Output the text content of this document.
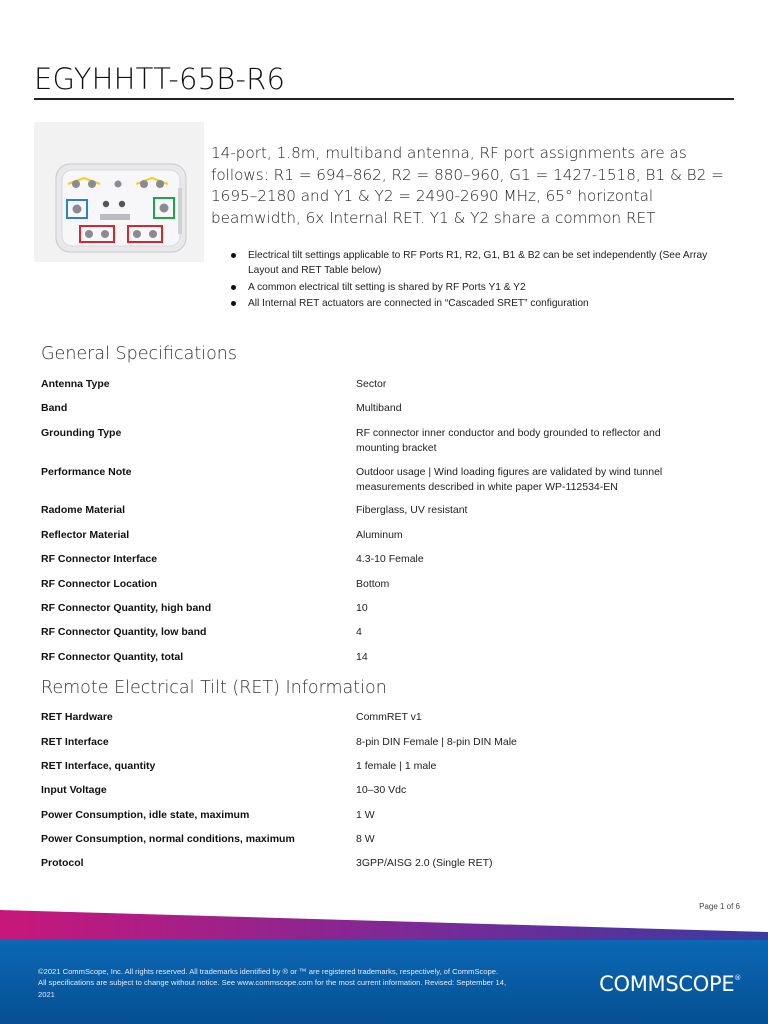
EGYHHTT-65B-R6
14-port, 1.8m, multiband antenna, RF port assignments are as follows: R1 = 694–862, R2 = 880–960, G1 = 1427-1518, B1 & B2 = 1695–2180 and Y1 & Y2 = 2490-2690 MHz, 65° horizontal beamwidth, 6x Internal RET. Y1 & Y2 share a common RET
Electrical tilt settings applicable to RF Ports R1, R2, G1, B1 & B2 can be set independently (See Array Layout and RET Table below)
A common electrical tilt setting is shared by RF Ports Y1 & Y2
All Internal RET actuators are connected in “Cascaded SRET” configuration
General Specifications
Antenna Type	Sector
Band	Multiband
Grounding Type	RF connector inner conductor and body grounded to reflector and mounting bracket
Performance Note	Outdoor usage | Wind loading figures are validated by wind tunnel measurements described in white paper WP-112534-EN
Radome Material	Fiberglass, UV resistant
Reflector Material	Aluminum
RF Connector Interface	4.3-10 Female
RF Connector Location	Bottom
RF Connector Quantity, high band	10
RF Connector Quantity, low band	4
RF Connector Quantity, total	14
Remote Electrical Tilt (RET) Information
RET Hardware	CommRET v1
RET Interface	8-pin DIN Female | 8-pin DIN Male
RET Interface, quantity	1 female | 1 male
Input Voltage	10–30 Vdc
Power Consumption, idle state, maximum	1 W
Power Consumption, normal conditions, maximum	8 W
Protocol	3GPP/AISG 2.0 (Single RET)
Page 1 of 6
©2021 CommScope, Inc. All rights reserved. All trademarks identified by ® or ™ are registered trademarks, respectively, of CommScope. All specifications are subject to change without notice. See www.commscope.com for the most current information. Revised: September 14, 2021	COMMSCOPE®
